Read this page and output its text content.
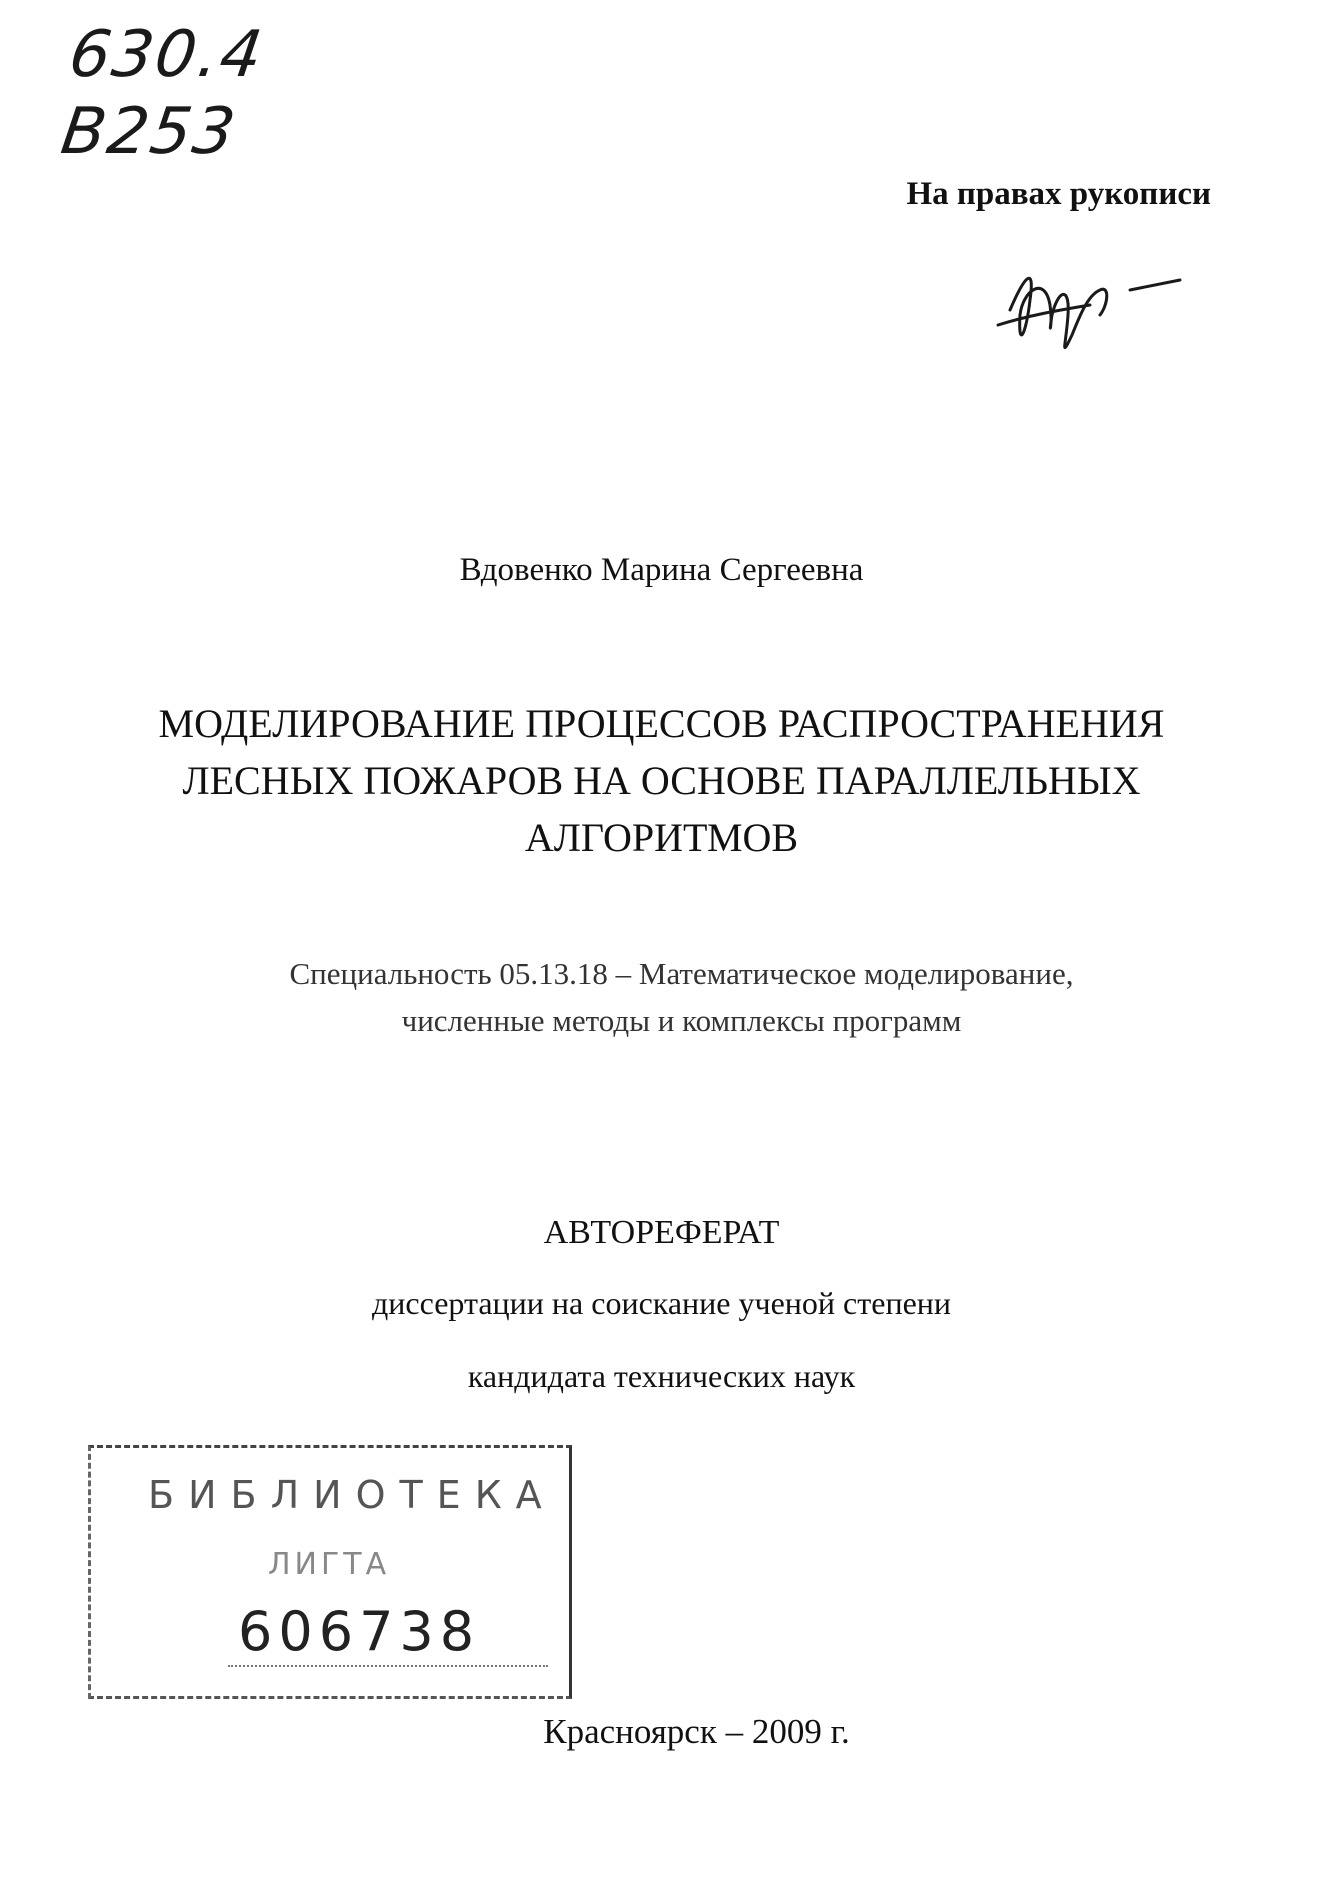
630.4
В253
На правах рукописи
Вдовенко Марина Сергеевна
МОДЕЛИРОВАНИЕ ПРОЦЕССОВ РАСПРОСТРАНЕНИЯ
ЛЕСНЫХ ПОЖАРОВ НА ОСНОВЕ ПАРАЛЛЕЛЬНЫХ
АЛГОРИТМОВ
Специальность 05.13.18 – Математическое моделирование,
численные методы и комплексы программ
АВТОРЕФЕРАТ
диссертации на соискание ученой степени
кандидата технических наук
БИБЛИОТЕКА
ЛИГТА
606738
Красноярск – 2009 г.
